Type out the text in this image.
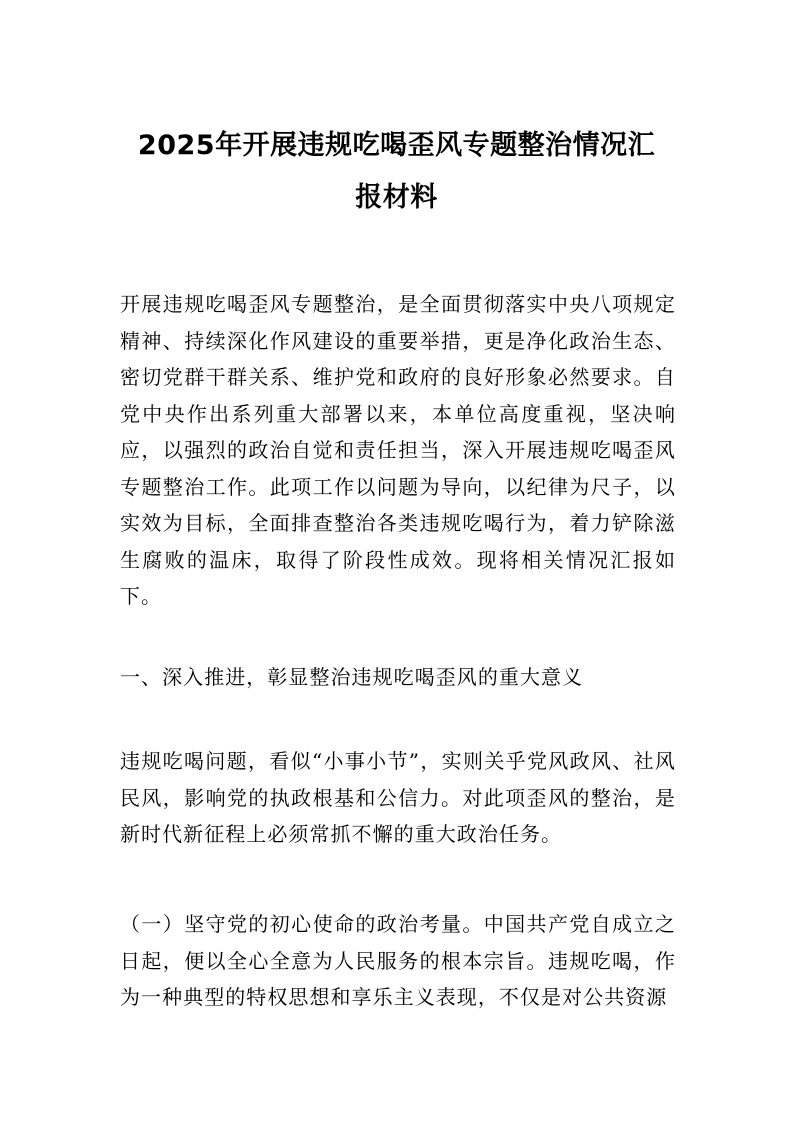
2025年开展违规吃喝歪风专题整治情况汇
报材料

开展违规吃喝歪风专题整治，是全面贯彻落实中央八项规定精神、持续深化作风建设的重要举措，更是净化政治生态、密切党群干群关系、维护党和政府的良好形象必然要求。自党中央作出系列重大部署以来，本单位高度重视，坚决响应，以强烈的政治自觉和责任担当，深入开展违规吃喝歪风专题整治工作。此项工作以问题为导向，以纪律为尺子，以实效为目标，全面排查整治各类违规吃喝行为，着力铲除滋生腐败的温床，取得了阶段性成效。现将相关情况汇报如下。

一、深入推进，彰显整治违规吃喝歪风的重大意义

违规吃喝问题，看似“小事小节”，实则关乎党风政风、社风民风，影响党的执政根基和公信力。对此项歪风的整治，是新时代新征程上必须常抓不懈的重大政治任务。

（一）坚守党的初心使命的政治考量。中国共产党自成立之日起，便以全心全意为人民服务的根本宗旨。违规吃喝，作为一种典型的特权思想和享乐主义表现，不仅是对公共资源
